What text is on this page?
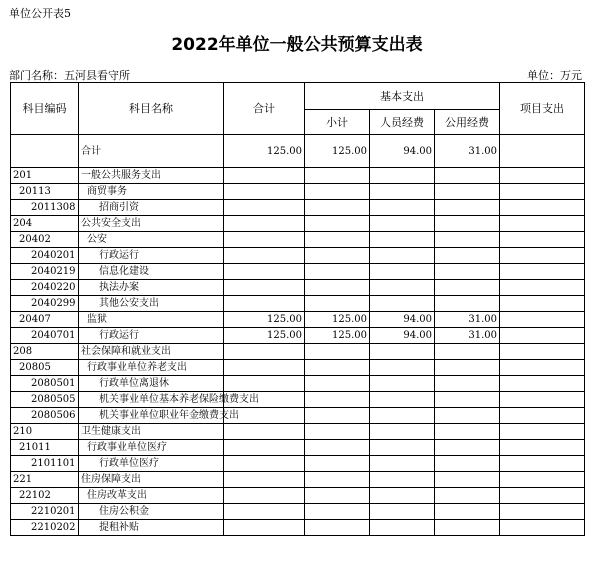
单位公开表5
2022年单位一般公共预算支出表
部门名称：五河县看守所	单位：万元
科目编码	科目名称	合计	基本支出			项目支出
			小计	人员经费	公用经费	
	合计	125.00	125.00	94.00	31.00	
201	一般公共服务支出					
20113	商贸事务					
2011308	招商引资					
204	公共安全支出					
20402	公安					
2040201	行政运行					
2040219	信息化建设					
2040220	执法办案					
2040299	其他公安支出					
20407	监狱	125.00	125.00	94.00	31.00	
2040701	行政运行	125.00	125.00	94.00	31.00	
208	社会保障和就业支出					
20805	行政事业单位养老支出					
2080501	行政单位离退休					
2080505	机关事业单位基本养老保险缴费支出					
2080506	机关事业单位职业年金缴费支出					
210	卫生健康支出					
21011	行政事业单位医疗					
2101101	行政单位医疗					
221	住房保障支出					
22102	住房改革支出					
2210201	住房公积金					
2210202	提租补贴					
